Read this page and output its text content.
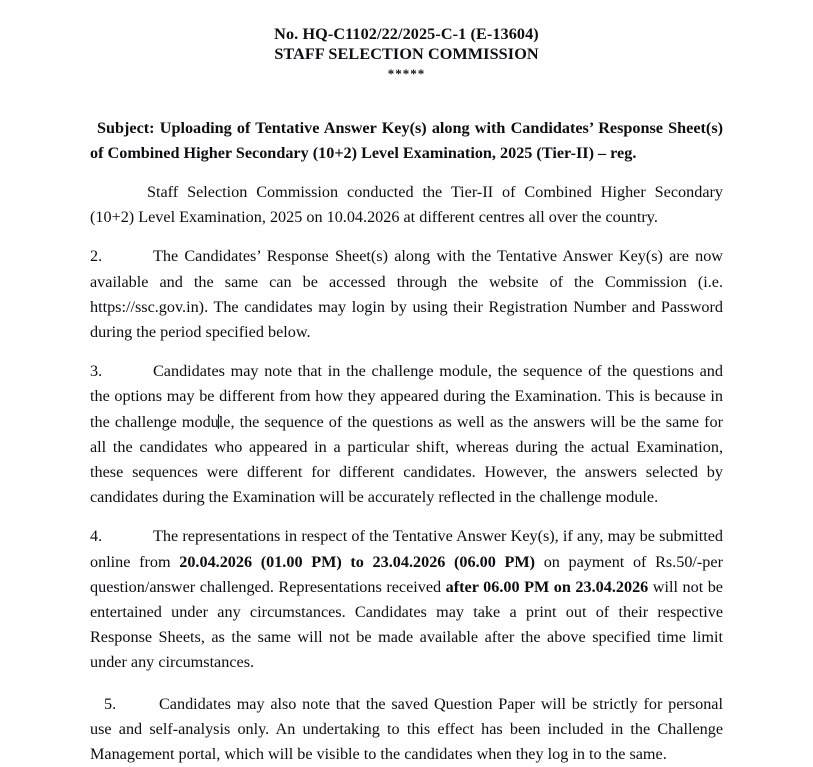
No. HQ-C1102/22/2025-C-1 (E-13604)
STAFF SELECTION COMMISSION
*****
Subject: Uploading of Tentative Answer Key(s) along with Candidates’ Response Sheet(s) of Combined Higher Secondary (10+2) Level Examination, 2025 (Tier-II) – reg.
Staff Selection Commission conducted the Tier-II of Combined Higher Secondary (10+2) Level Examination, 2025 on 10.04.2026 at different centres all over the country.
2.	The Candidates’ Response Sheet(s) along with the Tentative Answer Key(s) are now available and the same can be accessed through the website of the Commission (i.e. https://ssc.gov.in). The candidates may login by using their Registration Number and Password during the period specified below.
3.	Candidates may note that in the challenge module, the sequence of the questions and the options may be different from how they appeared during the Examination. This is because in the challenge module, the sequence of the questions as well as the answers will be the same for all the candidates who appeared in a particular shift, whereas during the actual Examination, these sequences were different for different candidates. However, the answers selected by candidates during the Examination will be accurately reflected in the challenge module.
4.	The representations in respect of the Tentative Answer Key(s), if any, may be submitted online from 20.04.2026 (01.00 PM) to 23.04.2026 (06.00 PM) on payment of Rs.50/-per question/answer challenged. Representations received after 06.00 PM on 23.04.2026 will not be entertained under any circumstances. Candidates may take a print out of their respective Response Sheets, as the same will not be made available after the above specified time limit under any circumstances.
5.	Candidates may also note that the saved Question Paper will be strictly for personal use and self-analysis only. An undertaking to this effect has been included in the Challenge Management portal, which will be visible to the candidates when they log in to the same.
